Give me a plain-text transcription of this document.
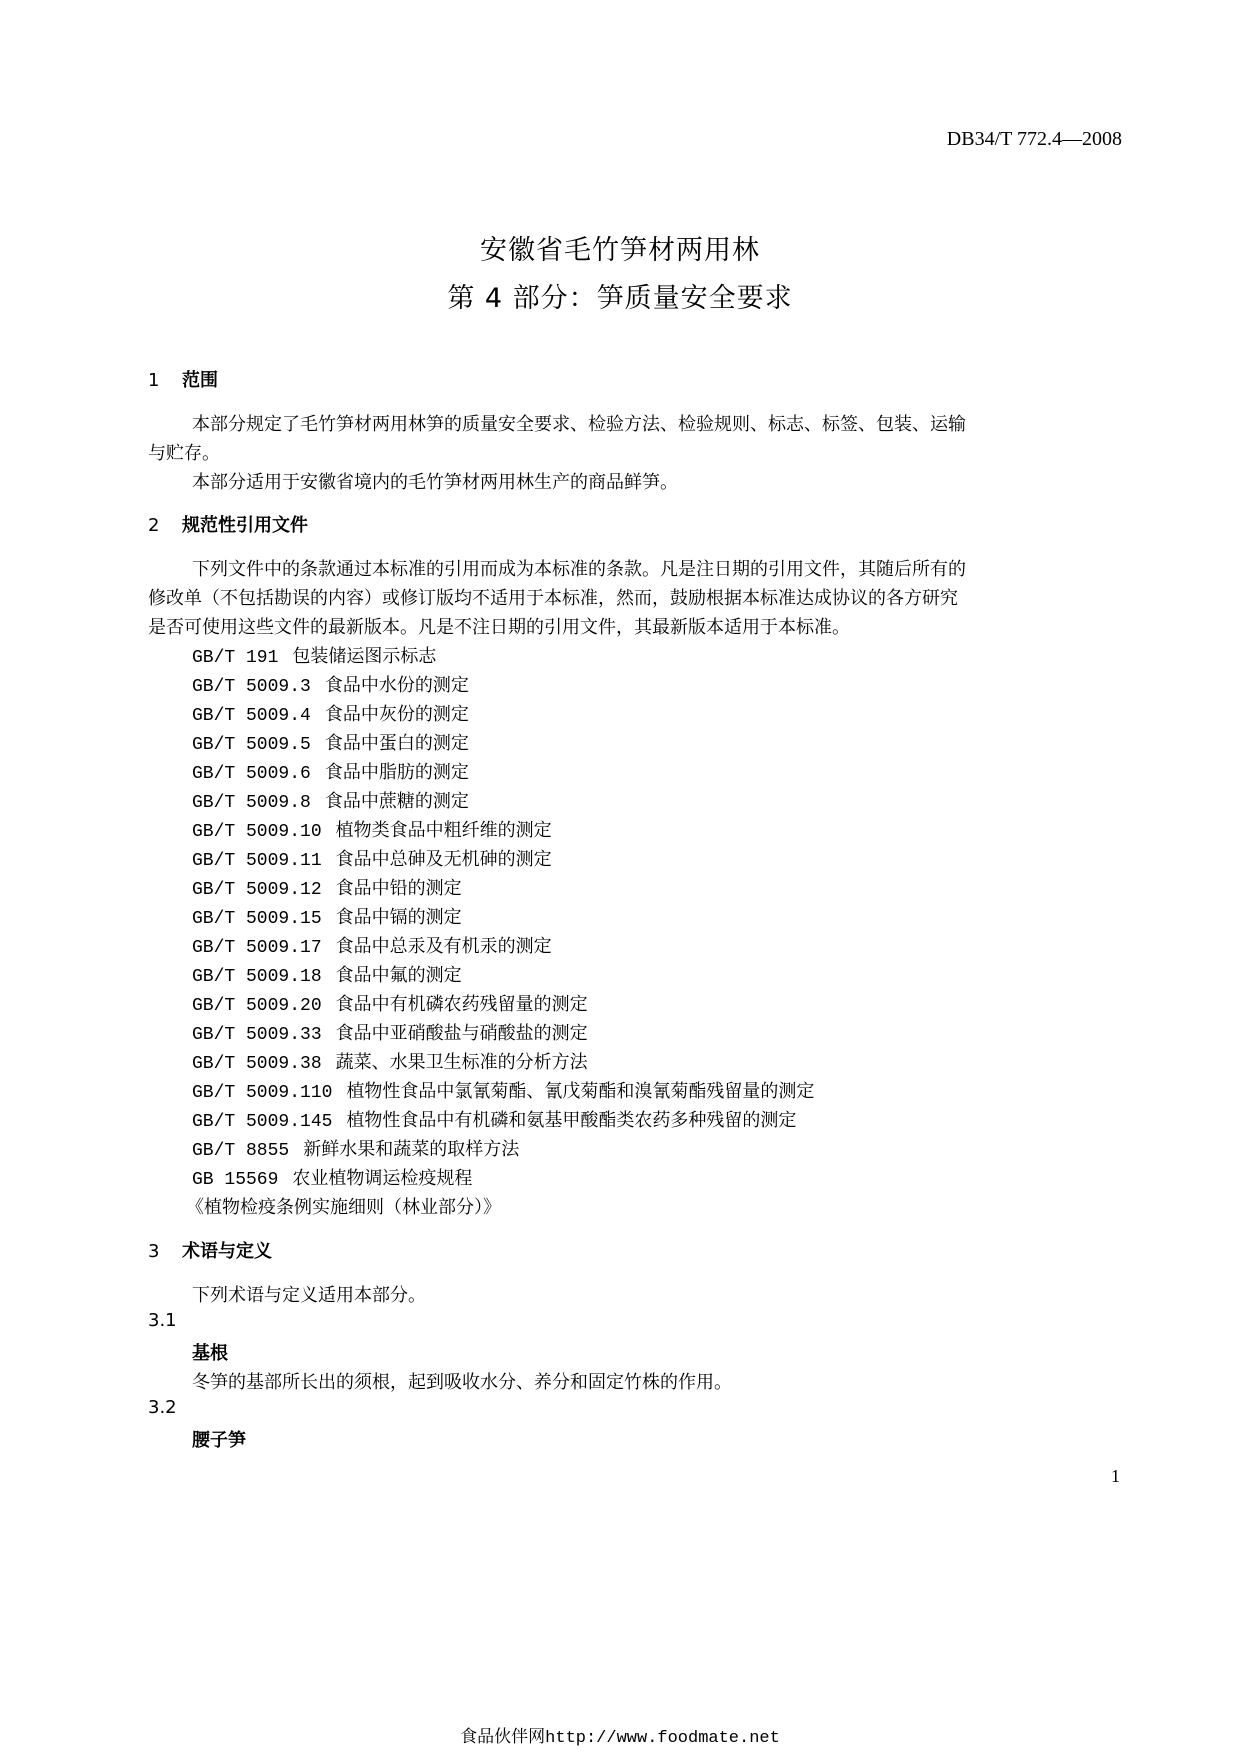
DB34/T 772.4—2008
安徽省毛竹笋材两用林
第 4 部分：笋质量安全要求
1 范围
本部分规定了毛竹笋材两用林笋的质量安全要求、检验方法、检验规则、标志、标签、包装、运输
与贮存。
本部分适用于安徽省境内的毛竹笋材两用林生产的商品鲜笋。
2 规范性引用文件
下列文件中的条款通过本标准的引用而成为本标准的条款。凡是注日期的引用文件，其随后所有的
修改单（不包括勘误的内容）或修订版均不适用于本标准，然而，鼓励根据本标准达成协议的各方研究
是否可使用这些文件的最新版本。凡是不注日期的引用文件，其最新版本适用于本标准。
GB/T 191 包装储运图示标志
GB/T 5009.3 食品中水份的测定
GB/T 5009.4 食品中灰份的测定
GB/T 5009.5 食品中蛋白的测定
GB/T 5009.6 食品中脂肪的测定
GB/T 5009.8 食品中蔗糖的测定
GB/T 5009.10 植物类食品中粗纤维的测定
GB/T 5009.11 食品中总砷及无机砷的测定
GB/T 5009.12 食品中铅的测定
GB/T 5009.15 食品中镉的测定
GB/T 5009.17 食品中总汞及有机汞的测定
GB/T 5009.18 食品中氟的测定
GB/T 5009.20 食品中有机磷农药残留量的测定
GB/T 5009.33 食品中亚硝酸盐与硝酸盐的测定
GB/T 5009.38 蔬菜、水果卫生标准的分析方法
GB/T 5009.110 植物性食品中氯氰菊酯、氰戊菊酯和溴氰菊酯残留量的测定
GB/T 5009.145 植物性食品中有机磷和氨基甲酸酯类农药多种残留的测定
GB/T 8855 新鲜水果和蔬菜的取样方法
GB 15569 农业植物调运检疫规程
《植物检疫条例实施细则（林业部分）》
3 术语与定义
下列术语与定义适用本部分。
3.1
基根
冬笋的基部所长出的须根，起到吸收水分、养分和固定竹株的作用。
3.2
腰子笋
1
食品伙伴网http://www.foodmate.net
